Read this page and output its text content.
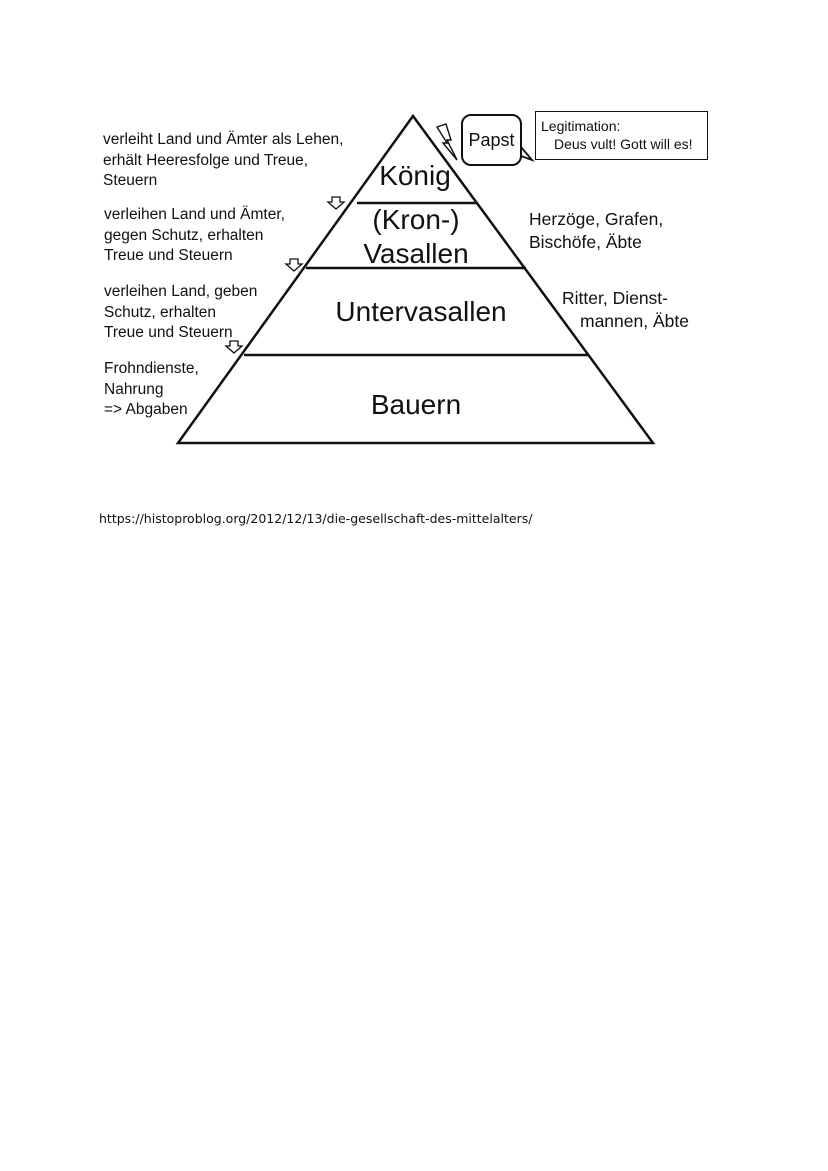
König
(Kron-)
Vasallen
Untervasallen
Bauern
verleiht Land und Ämter als Lehen,
erhält Heeresfolge und Treue,
Steuern
verleihen Land und Ämter,
gegen Schutz, erhalten
Treue und Steuern
verleihen Land, geben
Schutz, erhalten
Treue und Steuern
Frohndienste,
Nahrung
=> Abgaben
Herzöge, Grafen,
Bischöfe, Äbte
Ritter, Dienst-
mannen, Äbte
Papst
Legitimation:
Deus vult! Gott will es!
https://histoproblog.org/2012/12/13/die-gesellschaft-des-mittelalters/
